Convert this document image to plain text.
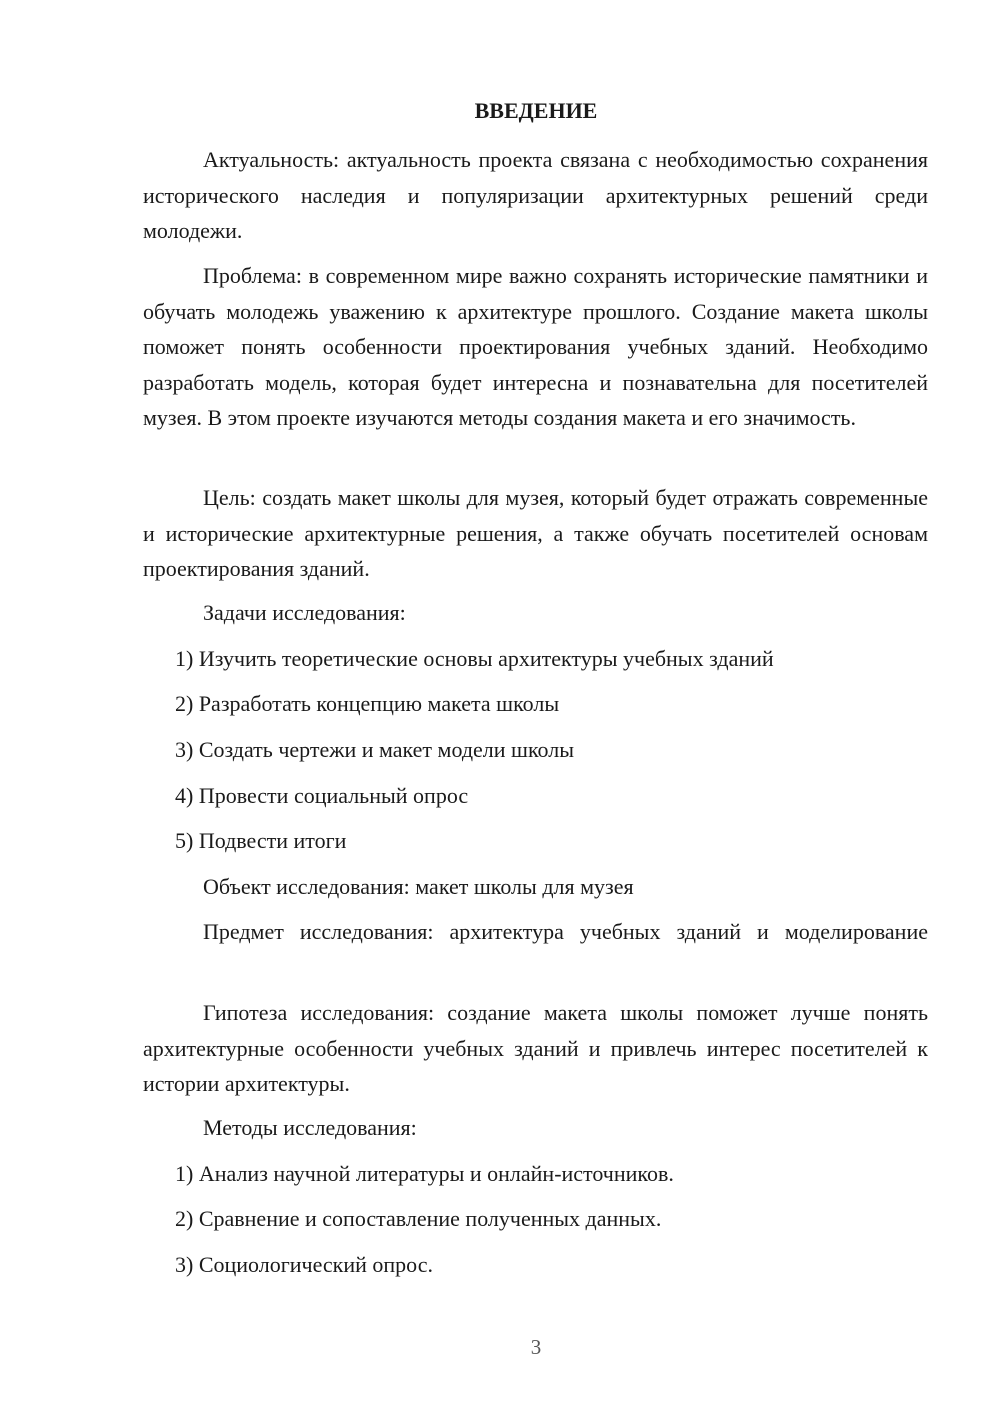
ВВЕДЕНИЕ

Актуальность: актуальность проекта связана с необходимостью сохранения исторического наследия и популяризации архитектурных решений среди молодежи.

Проблема: в современном мире важно сохранять исторические памятники и обучать молодежь уважению к архитектуре прошлого. Создание макета школы поможет понять особенности проектирования учебных зданий. Необходимо разработать модель, которая будет интересна и познавательна для посетителей музея. В этом проекте изучаются методы создания макета и его значимость.

Цель: создать макет школы для музея, который будет отражать современные и исторические архитектурные решения, а также обучать посетителей основам проектирования зданий.

Задачи исследования:

1) Изучить теоретические основы архитектуры учебных зданий

2) Разработать концепцию макета школы

3) Создать чертежи и макет модели школы

4) Провести социальный опрос

5) Подвести итоги

Объект исследования: макет школы для музея

Предмет исследования: архитектура учебных зданий и моделирование

Гипотеза исследования: создание макета школы поможет лучше понять архитектурные особенности учебных зданий и привлечь интерес посетителей к истории архитектуры.

Методы исследования:

1) Анализ научной литературы и онлайн-источников.

2) Сравнение и сопоставление полученных данных.

3) Социологический опрос.

3
